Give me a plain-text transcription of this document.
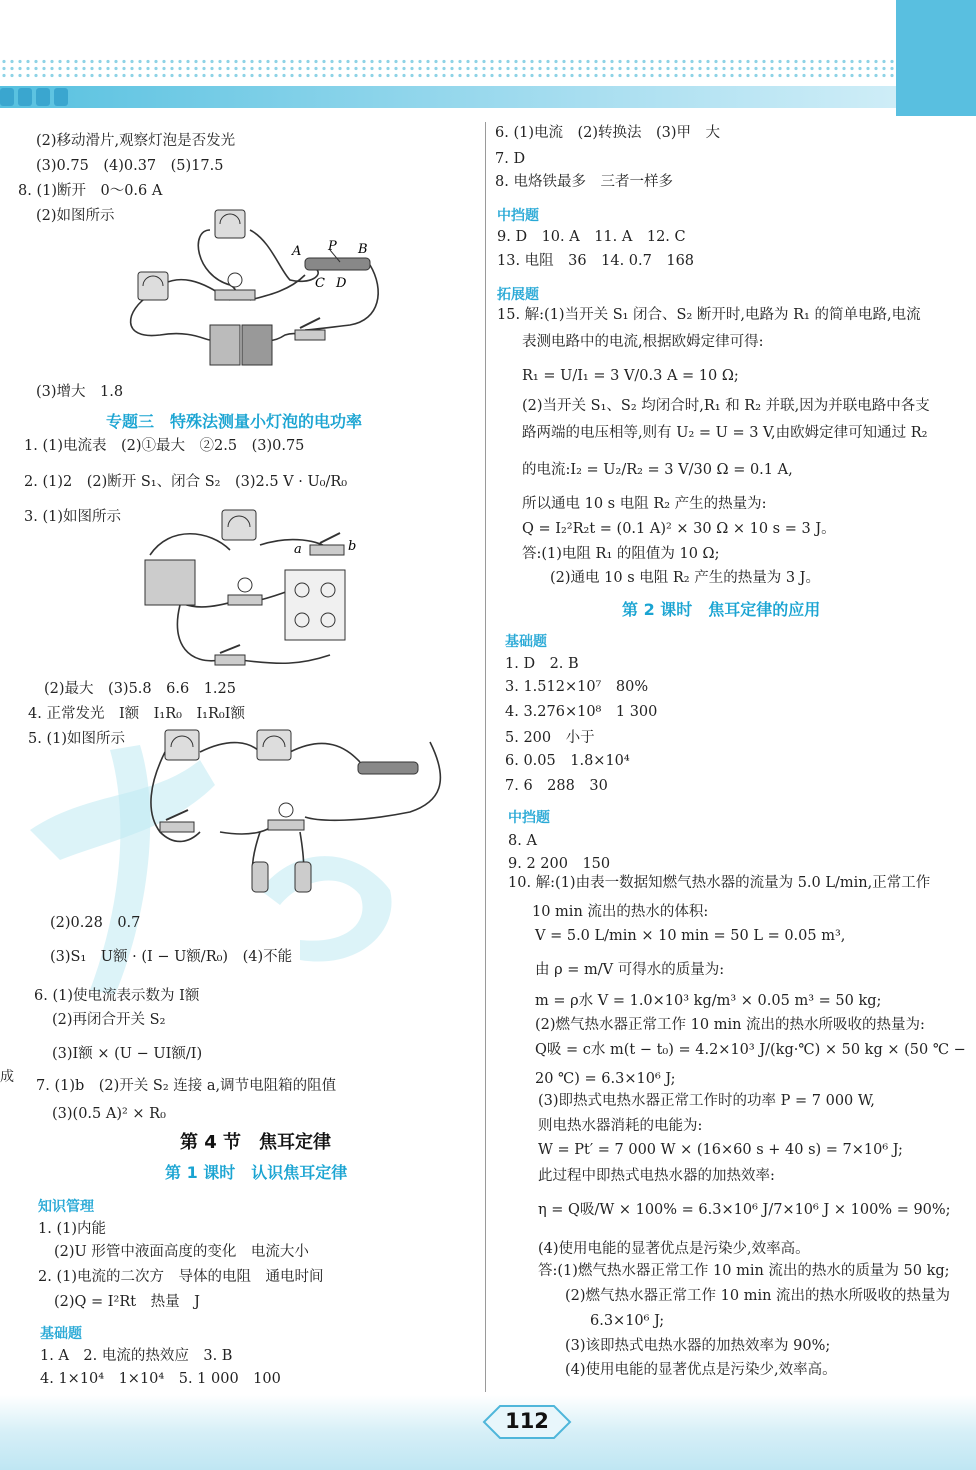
成
(2)移动滑片,观察灯泡是否发光
(3)0.75　(4)0.37　(5)17.5
8. (1)断开　0～0.6 A
(2)如图所示
A P B
C D
(3)增大　1.8
专题三　特殊法测量小灯泡的电功率
1. (1)电流表　(2)①最大　②2.5　(3)0.75
2. (1)2　(2)断开 S₁、闭合 S₂　(3)2.5 V · U₀/R₀
3. (1)如图所示
a	b
(2)最大　(3)5.8　6.6　1.25
4. 正常发光　I额　I₁R₀　I₁R₀I额
5. (1)如图所示
(2)0.28　0.7
(3)S₁　U额 · (I − U额/R₀)　(4)不能
6. (1)使电流表示数为 I额
(2)再闭合开关 S₂
(3)I额 × (U − UI额/I)
7. (1)b　(2)开关 S₂ 连接 a,调节电阻箱的阻值
(3)(0.5 A)² × R₀
第 4 节　焦耳定律
第 1 课时　认识焦耳定律
知识管理
1. (1)内能
(2)U 形管中液面高度的变化　电流大小
2. (1)电流的二次方　导体的电阻　通电时间
(2)Q = I²Rt　热量　J
基础题
1. A　2. 电流的热效应　3. B
4. 1×10⁴　1×10⁴　5. 1 000　100
6. (1)电流　(2)转换法　(3)甲　大
7. D
8. 电烙铁最多　三者一样多
中挡题
9. D　10. A　11. A　12. C
13. 电阻　36　14. 0.7　168
拓展题
15. 解:(1)当开关 S₁ 闭合、S₂ 断开时,电路为 R₁ 的简单电路,电流
表测电路中的电流,根据欧姆定律可得:
R₁ = U/I₁ = 3 V/0.3 A = 10 Ω;
(2)当开关 S₁、S₂ 均闭合时,R₁ 和 R₂ 并联,因为并联电路中各支
路两端的电压相等,则有 U₂ = U = 3 V,由欧姆定律可知通过 R₂
的电流:I₂ = U₂/R₂ = 3 V/30 Ω = 0.1 A,
所以通电 10 s 电阻 R₂ 产生的热量为:
Q = I₂²R₂t = (0.1 A)² × 30 Ω × 10 s = 3 J。
答:(1)电阻 R₁ 的阻值为 10 Ω;
(2)通电 10 s 电阻 R₂ 产生的热量为 3 J。
第 2 课时　焦耳定律的应用
基础题
1. D　2. B
3. 1.512×10⁷　80%
4. 3.276×10⁸　1 300
5. 200　小于
6. 0.05　1.8×10⁴
7. 6　288　30
中挡题
8. A
9. 2 200　150
10. 解:(1)由表一数据知燃气热水器的流量为 5.0 L/min,正常工作
10 min 流出的热水的体积:
V = 5.0 L/min × 10 min = 50 L = 0.05 m³,
由 ρ = m/V 可得水的质量为:
m = ρ水 V = 1.0×10³ kg/m³ × 0.05 m³ = 50 kg;
(2)燃气热水器正常工作 10 min 流出的热水所吸收的热量为:
Q吸 = c水 m(t − t₀) = 4.2×10³ J/(kg·℃) × 50 kg × (50 ℃ −
20 ℃) = 6.3×10⁶ J;
(3)即热式电热水器正常工作时的功率 P = 7 000 W,
则电热水器消耗的电能为:
W = Pt′ = 7 000 W × (16×60 s + 40 s) = 7×10⁶ J;
此过程中即热式电热水器的加热效率:
η = Q吸/W × 100% = 6.3×10⁶ J/7×10⁶ J × 100% = 90%;
(4)使用电能的显著优点是污染少,效率高。
答:(1)燃气热水器正常工作 10 min 流出的热水的质量为 50 kg;
(2)燃气热水器正常工作 10 min 流出的热水所吸收的热量为
6.3×10⁶ J;
(3)该即热式电热水器的加热效率为 90%;
(4)使用电能的显著优点是污染少,效率高。
112
